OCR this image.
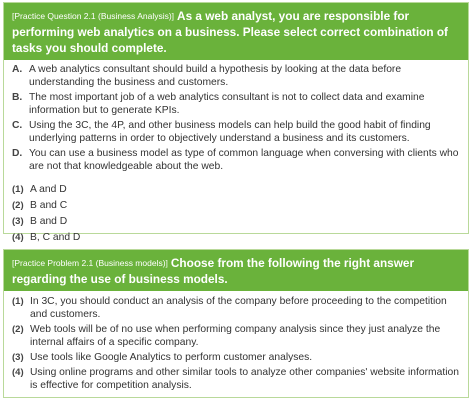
[Practice Question 2.1 (Business Analysis)] As a web analyst, you are responsible for performing web analytics on a business. Please select correct combination of tasks you should complete.
A. A web analytics consultant should build a hypothesis by looking at the data before understanding the business and customers.
B. The most important job of a web analytics consultant is not to collect data and examine information but to generate KPIs.
C. Using the 3C, the 4P, and other business models can help build the good habit of finding underlying patterns in order to objectively understand a business and its customers.
D. You can use a business model as type of common language when conversing with clients who are not that knowledgeable about the web.
(1) A and D
(2) B and C
(3) B and D
(4) B, C and D
[Practice Problem 2.1 (Business models)] Choose from the following the right answer regarding the use of business models.
(1) In 3C, you should conduct an analysis of the company before proceeding to the competition and customers.
(2) Web tools will be of no use when performing company analysis since they just analyze the internal affairs of a specific company.
(3) Use tools like Google Analytics to perform customer analyses.
(4) Using online programs and other similar tools to analyze other companies' website information is effective for competition analysis.
